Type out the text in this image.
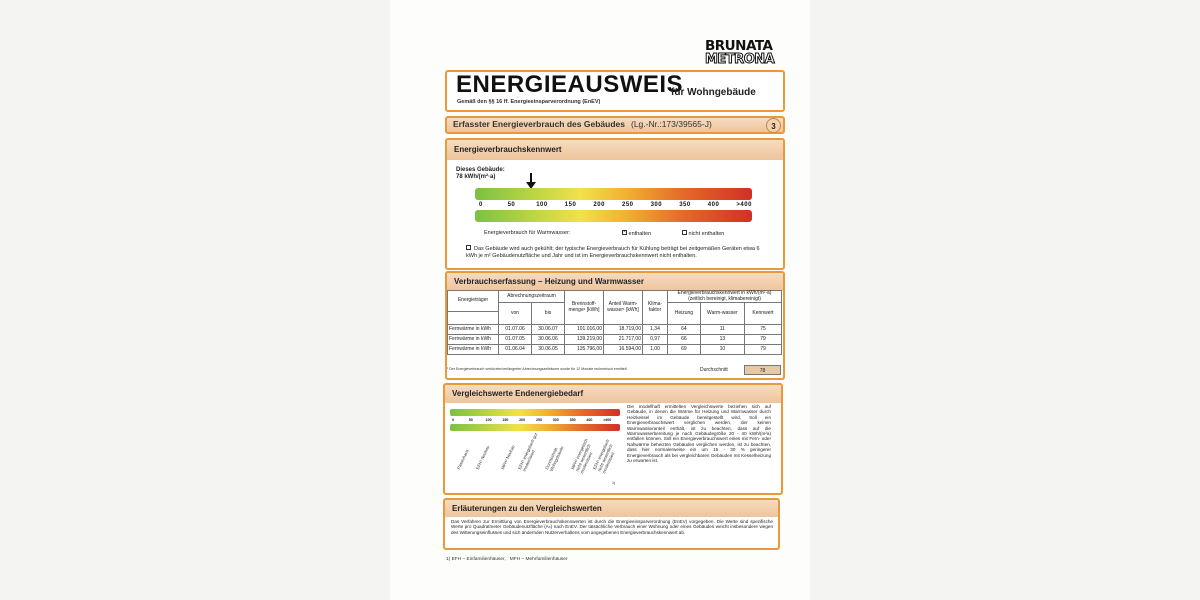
BRUNATA
METRONA
ENERGIEAUSWEIS
für Wohngebäude
Gemäß den §§ 16 ff. Energieeinsparverordnung (EnEV)
Erfasster Energieverbrauch des Gebäudes (Lg.-Nr.:173/39565-J)	3
Energieverbrauchskennwert
Dieses Gebäude:
78 kWh/(m²·a)
0	50	100	150	200	250	300	350	400	>400
Energieverbrauch für Warmwasser:	× enthalten	nicht enthalten
Das Gebäude wird auch gekühlt; der typische Energieverbrauch für Kühlung beträgt bei zeitgemäßen Geräten etwa 6 kWh je m² Gebäudenutzfläche und Jahr und ist im Energieverbrauchskennwert nicht enthalten.
Verbrauchserfassung – Heizung und Warmwasser
Energieträger	Abrechnungszeitraum		Brennstoff-menge¹ [kWh]	Anteil Warm-wasser¹ [kWh]	Klima-faktor	Energieverbrauchskennwert in kWh/(m²·a) (zeitlich bereinigt, klimabereinigt)		
	von	bis				Heizung	Warm-wasser	Kennwert

Fernwärme in kWh	01.07.06	30.06.07	101.016,00	18.719,00	1,34	64	11	75
Fernwärme in kWh	01.07.05	30.06.06	139.219,00	21.717,00	0,97	66	13	79
Fernwärme in kWh	01.06.04	30.06.05	135.796,00	16.594,00	1,00	69	10	79
¹ Der Energieverbrauch verkürzter/verlängerter Abrechnungszeiträume wurde für 12 Monate rechnerisch ermittelt.	Durchschnitt	78
Vergleichswerte Endenergiebedarf
0	50	100	150	200	250	300	350	400	>400
Passivhaus	EFH¹ Neubau	MFH¹ Neubau EFH¹ energetisch gut modernisiert	Durchschnitt Wohngebäude	MFH¹ energetisch nicht wesentlich modernisiert
EFH¹ energetisch nicht wesentlich modernisiert
1)
Die modellhaft ermittelten Vergleichswerte beziehen sich auf Gebäude, in denen die Wärme für Heizung und Warmwasser durch Heizkessel im Gebäude bereitgestellt wird. Soll ein Energieverbrauchswert verglichen werden, der keinen Warmwasseranteil enthält, ist zu beachten, dass auf die Warmwasserbereitung je nach Gebäudegröße 20 - 40 kWh/(m²a) entfallen können. Soll ein Energieverbrauchswert eines mit Fern- oder Nahwärme beheizten Gebäudes verglichen werden, ist zu beachten, dass hier normalerweise ein um 15 - 30 % geringerer Energieverbrauch als bei vergleichbaren Gebäuden mit Kesselheizung zu erwarten ist.
Erläuterungen zu den Vergleichswerten
Das Verfahren zur Ermittlung von Energieverbrauchskennwerten ist durch die Energieeinsparverordnung (EnEV) vorgegeben. Die Werte sind spezifische Werte pro Quadratmeter Gebäudenutzfläche (Aₙ) nach EnEV. Der tatsächliche Verbrauch einer Wohnung oder eines Gebäudes weicht insbesondere wegen des Witterungseinflusses und sich ändernden Nutzerverhaltens vom angegebenen Energieverbrauchskennwert ab.
1) EFH – Einfamilienhäuser,   MFH – Mehrfamilienhäuser
